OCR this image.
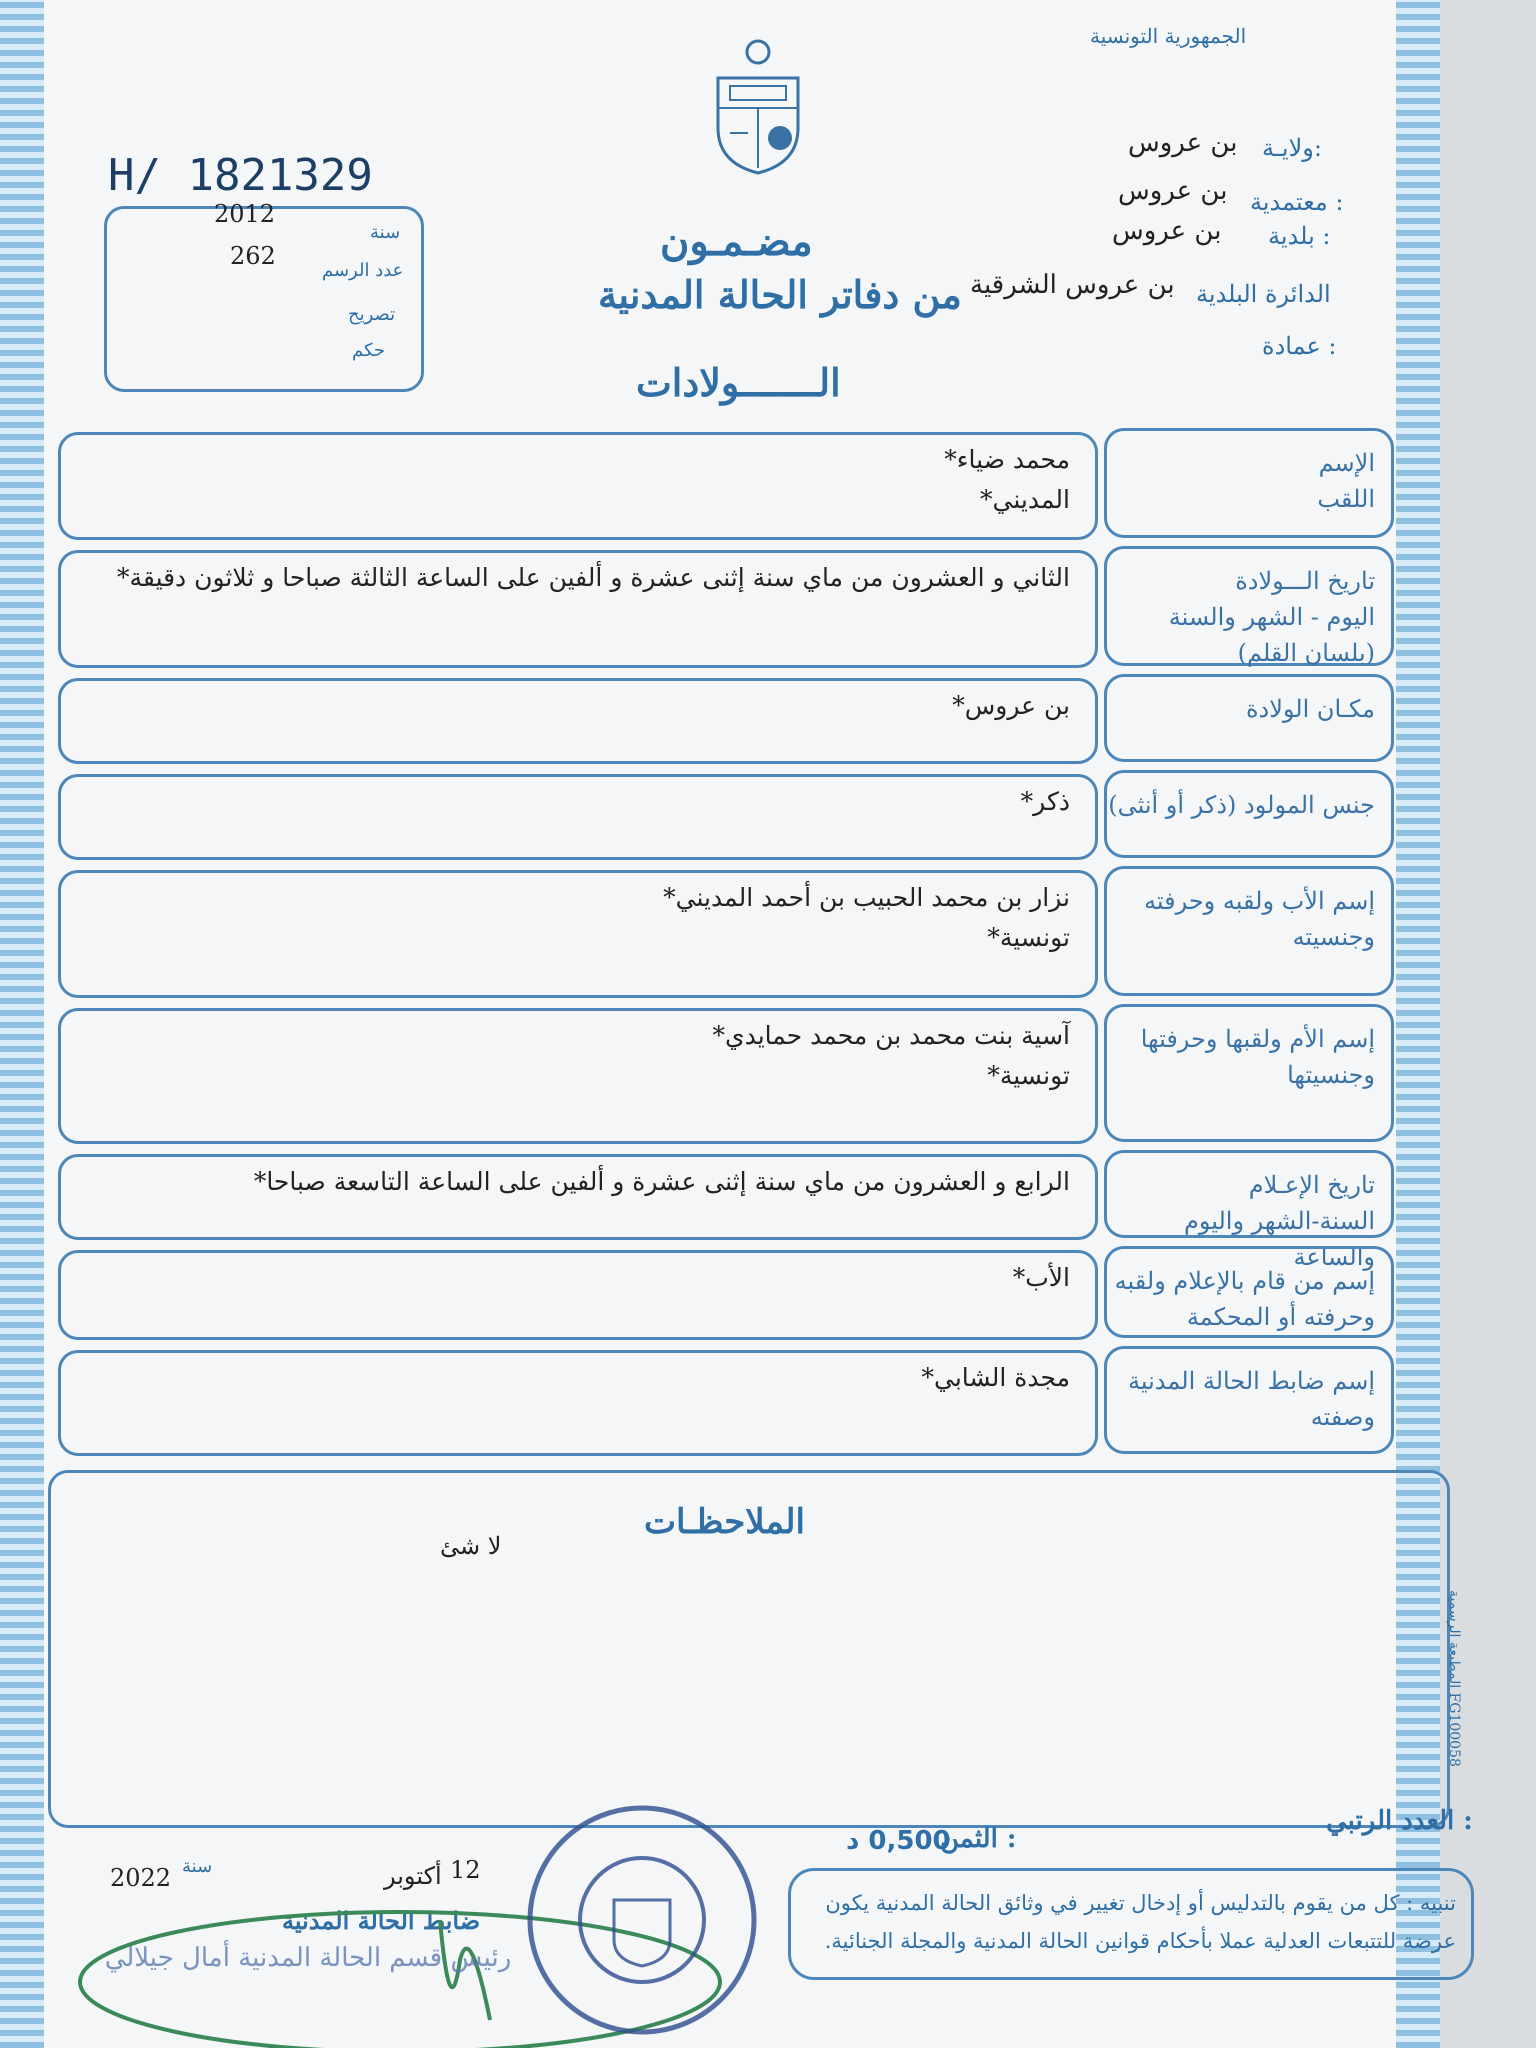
الجمهورية التونسية
H/ 1821329
مضـمـون
من دفاتر الحالة المدنية
الـــــــولادات
ولايـة:
بن عروس
معتمدية :
بن عروس
بلدية :
بن عروس
الدائرة البلدية
بن عروس الشرقية
عمادة :
2012
سنة
262
عدد الرسم
تصريح
حكم
الإسم
اللقب
محمد ضياء*
المديني*
تاريخ الـــولادة
اليوم - الشهر والسنة
(بلسان القلم)
الثاني و العشرون من ماي سنة إثنى عشرة و ألفين على الساعة الثالثة صباحا و ثلاثون دقيقة*
مكـان الولادة
بن عروس*
جنس المولود (ذكر أو أنثى)
ذكر*
إسم الأب ولقبه وحرفته
وجنسيته
نزار بن محمد الحبيب بن أحمد المديني*
تونسية*
إسم الأم ولقبها وحرفتها
وجنسيتها
آسية بنت محمد بن محمد حمايدي*
تونسية*
تاريخ الإعـلام
السنة-الشهر واليوم والساعة
الرابع و العشرون من ماي سنة إثنى عشرة و ألفين على الساعة التاسعة صباحا*
إسم من قام بالإعلام ولقبه
وحرفته أو المحكمة
الأب*
إسم ضابط الحالة المدنية
وصفته
مجدة الشابي*
الملاحظـات
لا شئ
المطبعة الرسمية FG100058
العدد الرتبي :
الثمن :
0,500 د
تنبيه : كل من يقوم بالتدليس أو إدخال تغيير في وثائق الحالة المدنية يكون عرضة للتتبعات العدلية عملا بأحكام قوانين الحالة المدنية والمجلة الجنائية.
2022 سنة	أكتوبر 12
ضابط الحالة المدنية
رئيس قسم الحالة المدنية أمال جيلالي
